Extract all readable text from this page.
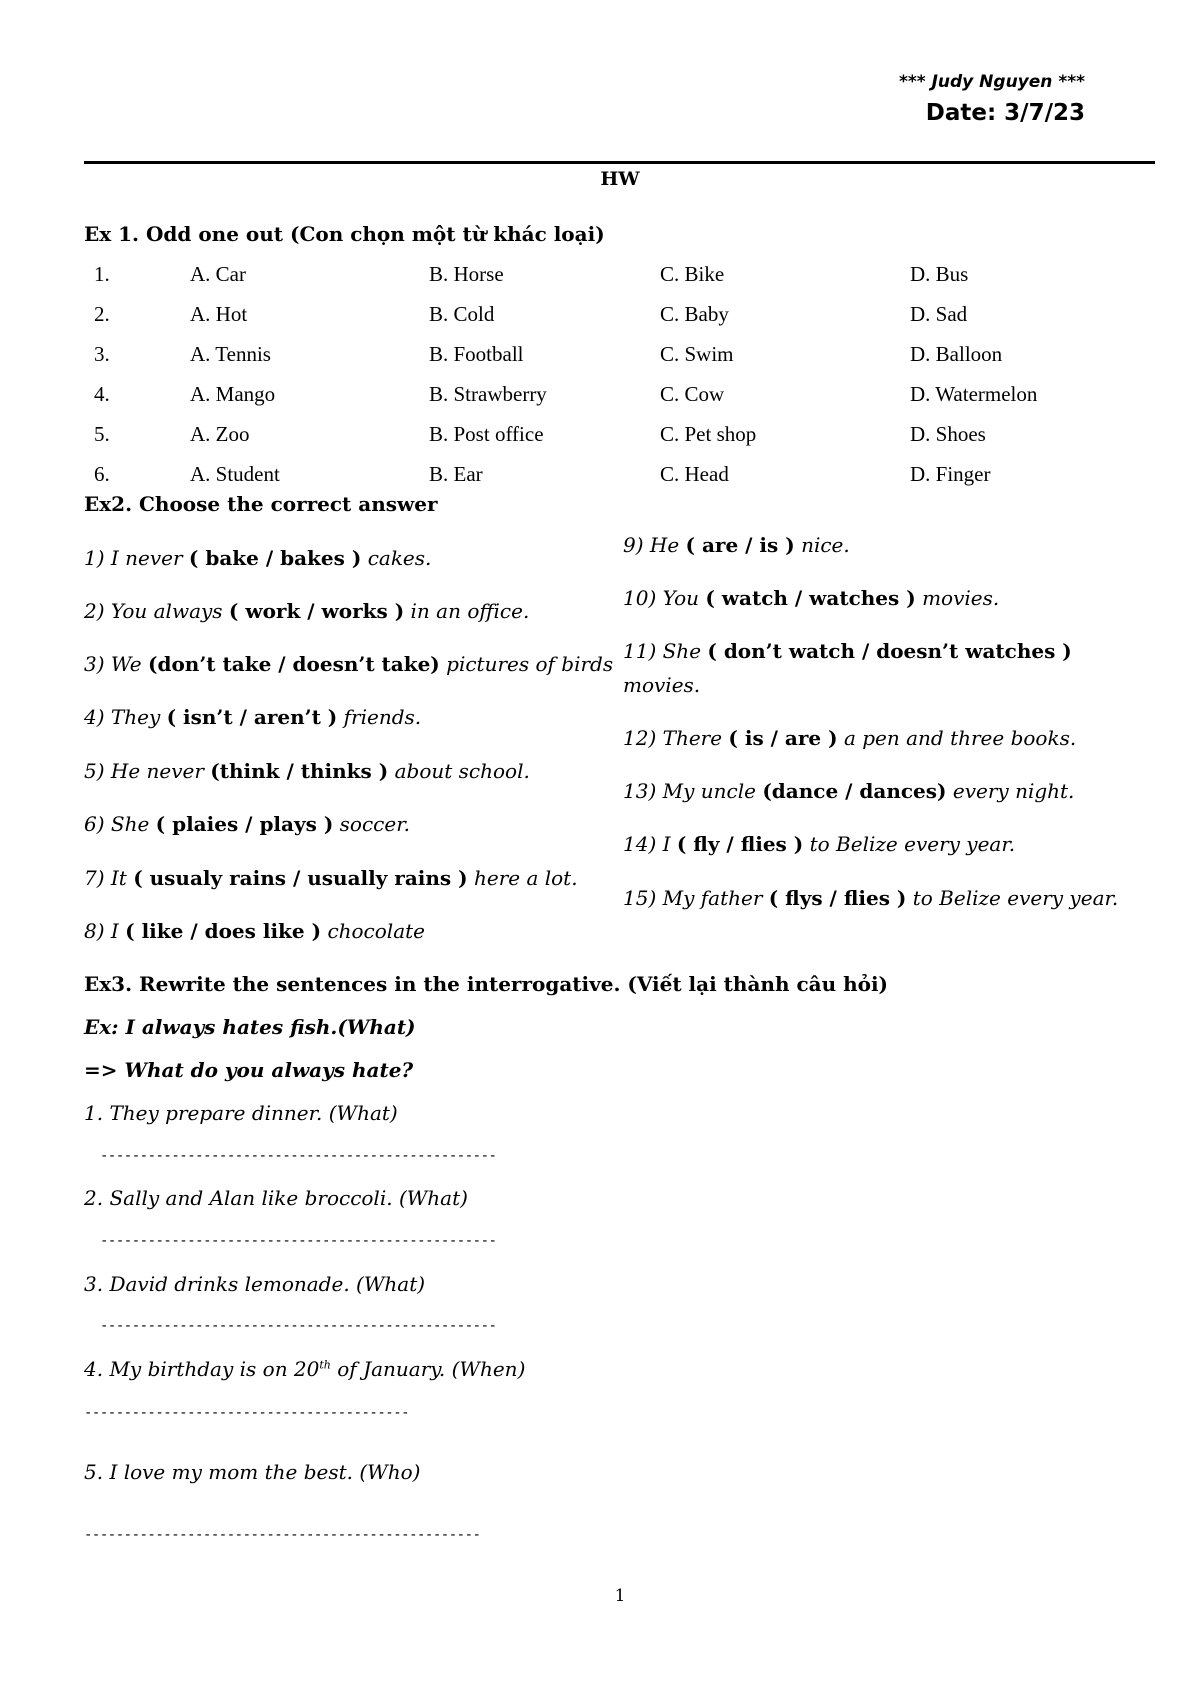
*** Judy Nguyen ***
Date: 3/7/23
HW
Ex 1. Odd one out (Con chọn một từ khác loại)
1.	A. Car	B. Horse	C. Bike	D. Bus
2.	A. Hot	B. Cold	C. Baby	D. Sad
3.	A. Tennis	B. Football	C. Swim	D. Balloon
4.	A. Mango	B. Strawberry	C. Cow	D. Watermelon
5.	A. Zoo	B. Post office	C. Pet shop	D. Shoes
6.	A. Student	B. Ear	C. Head	D. Finger
Ex2. Choose the correct answer
1) I never ( bake / bakes ) cakes.
2) You always ( work / works ) in an office.
3) We (don’t take / doesn’t take) pictures of birds
4) They ( isn’t / aren’t ) friends.
5) He never (think / thinks ) about school.
6) She ( plaies / plays ) soccer.
7) It ( usualy rains / usually rains ) here a lot.
8) I ( like / does like ) chocolate
9) He ( are / is ) nice.
10) You ( watch / watches ) movies.
11) She ( don’t watch / doesn’t watches )
movies.
12) There ( is / are ) a pen and three books.
13) My uncle (dance / dances) every night.
14) I ( fly / flies ) to Belize every year.
15) My father ( flys / flies ) to Belize every year.
Ex3. Rewrite the sentences in the interrogative. (Viết lại thành câu hỏi)
Ex: I always hates fish.(What)
=> What do you always hate?
1. They prepare dinner. (What)
--------------------------------------------------
2. Sally and Alan like broccoli. (What)
--------------------------------------------------
3. David drinks lemonade. (What)
--------------------------------------------------
4. My birthday is on 20th of January. (When)
-----------------------------------------
5. I love my mom the best. (Who)
--------------------------------------------------
1
